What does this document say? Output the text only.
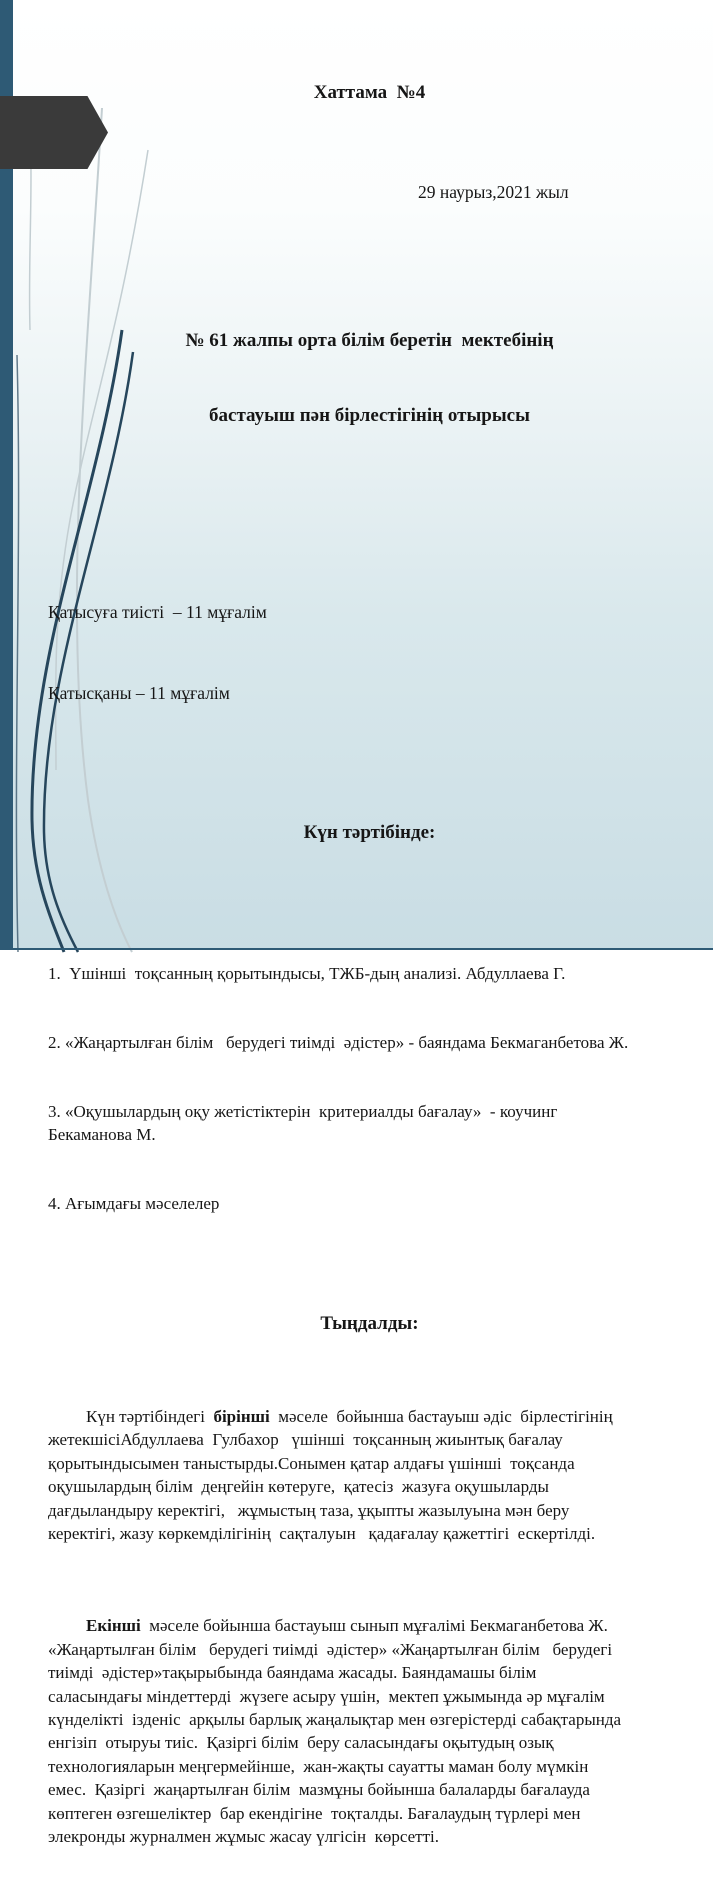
Хаттама  №4

29 наурыз,2021 жыл

№ 61 жалпы орта білім беретін  мектебінің

бастауыш пән бірлестігінің отырысы

Қатысуға тиісті  – 11 мұғалім

Қатысқаны – 11 мұғалім

Күн тәртібінде:

1.  Үшінші  тоқсанның қорытындысы, ТЖБ-дың анализі. Абдуллаева Г.

2. «Жаңартылған білім   берудегі тиімді  әдістер» - баяндама Бекмаганбетова Ж.

3. «Оқушылардың оқу жетістіктерін  критериалды бағалау»  - коучинг
Бекаманова М.

4. Ағымдағы мәселелер

Тыңдалды:

Күн тәртібіндегі  бірінші  мәселе  бойынша бастауыш әдіс  бірлестігінің
жетекшісіАбдуллаева  Гулбахор   үшінші  тоқсанның жиынтық бағалау
қорытындысымен таныстырды.Сонымен қатар алдағы үшінші  тоқсанда
оқушылардың білім  деңгейін көтеруге,  қатесіз  жазуға оқушыларды
дағдыландыру керектігі,   жұмыстың таза, ұқыпты жазылуына мән беру
керектігі, жазу көркемділігінің  сақталуын   қадағалау қажеттігі  ескертілді.

Екінші  мәселе бойынша бастауыш сынып мұғалімі Бекмаганбетова Ж.
«Жаңартылған білім   берудегі тиімді  әдістер» «Жаңартылған білім   берудегі
тиімді  әдістер»тақырыбында баяндама жасады. Баяндамашы білім
саласындағы міндеттерді  жүзеге асыру үшін,  мектеп ұжымында әр мұғалім
күнделікті  ізденіс  арқылы барлық жаңалықтар мен өзгерістерді сабақтарында
енгізіп  отыруы тиіс.  Қазіргі білім  беру саласындағы оқытудың озық
технологияларын меңгермейінше,  жан-жақты сауатты маман болу мүмкін
емес.  Қазіргі  жаңартылған білім  мазмұны бойынша балаларды бағалауда
көптеген өзгешеліктер  бар екендігіне  тоқталды. Бағалаудың түрлері мен
элекронды журналмен жұмыс жасау үлгісін  көрсетті.
